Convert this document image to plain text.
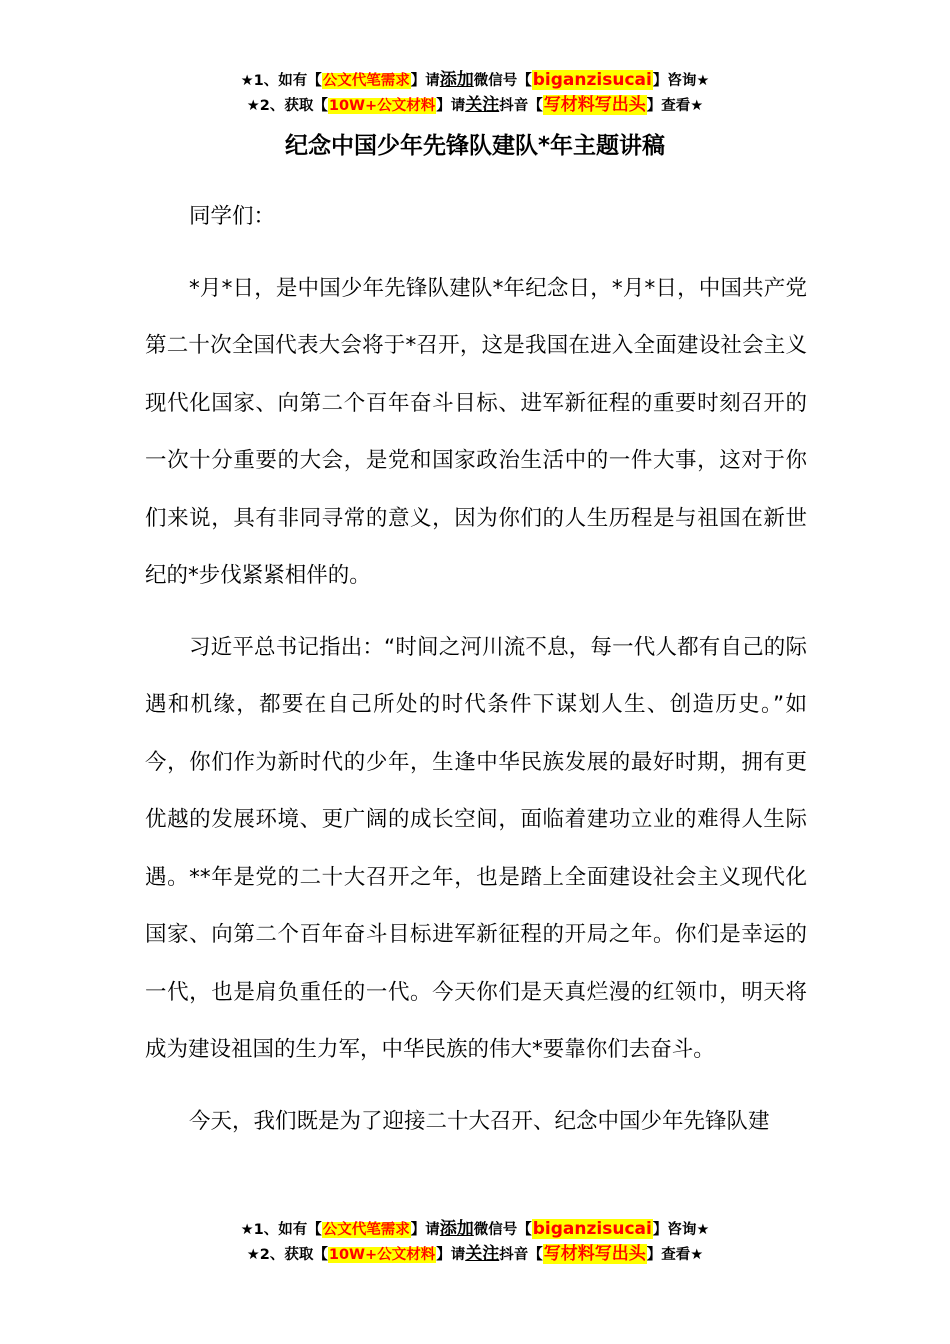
★1、如有【公文代笔需求】请添加微信号【biganzisucai】咨询★
★2、获取【10W+公文材料】请关注抖音【写材料写出头】查看★
纪念中国少年先锋队建队*年主题讲稿

同学们：

*月*日，是中国少年先锋队建队*年纪念日，*月*日，中国共产党第二十次全国代表大会将于*召开，这是我国在进入全面建设社会主义现代化国家、向第二个百年奋斗目标、进军新征程的重要时刻召开的一次十分重要的大会，是党和国家政治生活中的一件大事，这对于你们来说，具有非同寻常的意义，因为你们的人生历程是与祖国在新世纪的*步伐紧紧相伴的。

习近平总书记指出：“时间之河川流不息，每一代人都有自己的际遇和机缘，都要在自己所处的时代条件下谋划人生、创造历史。”如今，你们作为新时代的少年，生逢中华民族发展的最好时期，拥有更优越的发展环境、更广阔的成长空间，面临着建功立业的难得人生际遇。**年是党的二十大召开之年，也是踏上全面建设社会主义现代化国家、向第二个百年奋斗目标进军新征程的开局之年。你们是幸运的一代，也是肩负重任的一代。今天你们是天真烂漫的红领巾，明天将成为建设祖国的生力军，中华民族的伟大*要靠你们去奋斗。

今天，我们既是为了迎接二十大召开、纪念中国少年先锋队建

★1、如有【公文代笔需求】请添加微信号【biganzisucai】咨询★
★2、获取【10W+公文材料】请关注抖音【写材料写出头】查看★
